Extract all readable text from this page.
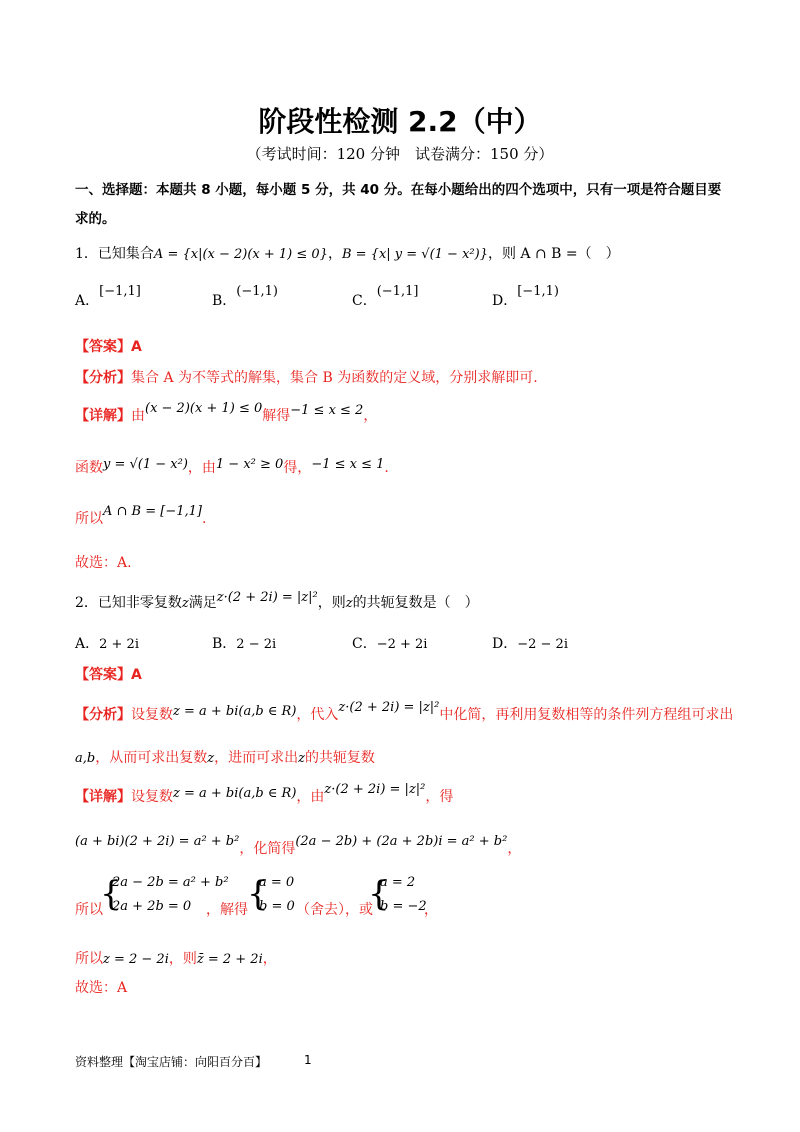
阶段性检测 2.2（中）
（考试时间：120 分钟　试卷满分：150 分）
一、选择题：本题共 8 小题，每小题 5 分，共 40 分。在每小题给出的四个选项中，只有一项是符合题目要
求的。
1．已知集合A = {x|(x − 2)(x + 1) ≤ 0}，B = {x| y = √(1 − x²)}，则 A ∩ B =（　）
A．[−1,1]
B．(−1,1)
C．(−1,1]
D．[−1,1)
【答案】A
【分析】集合 A 为不等式的解集，集合 B 为函数的定义域，分别求解即可.
【详解】由(x − 2)(x + 1) ≤ 0解得−1 ≤ x ≤ 2，
函数y = √(1 − x²)，由1 − x² ≥ 0得，−1 ≤ x ≤ 1.
所以A ∩ B = [−1,1].
故选：A.
2．已知非零复数z满足z·(2 + 2i) = |z|²，则z的共轭复数是（　）
A．2 + 2i	B．2 − 2i	C．−2 + 2i	D．−2 − 2i
【答案】A
【分析】设复数z = a + bi(a,b ∈ R)，代入z·(2 + 2i) = |z|²中化简，再利用复数相等的条件列方程组可求出
a,b，从而可求出复数z，进而可求出z的共轭复数
【详解】设复数z = a + bi(a,b ∈ R)，由z·(2 + 2i) = |z|²，得
(a + bi)(2 + 2i) = a² + b²，化简得(2a − 2b) + (2a + 2b)i = a² + b²，
所以
{
2a − 2b = a² + b²
2a + 2b = 0 ，解得 {
a = 0
b = 0 （舍去），或
{
a = 2
b = −2
，
所以z = 2 − 2i，则z̄ = 2 + 2i，
故选：A
资料整理【淘宝店铺：向阳百分百】	1
